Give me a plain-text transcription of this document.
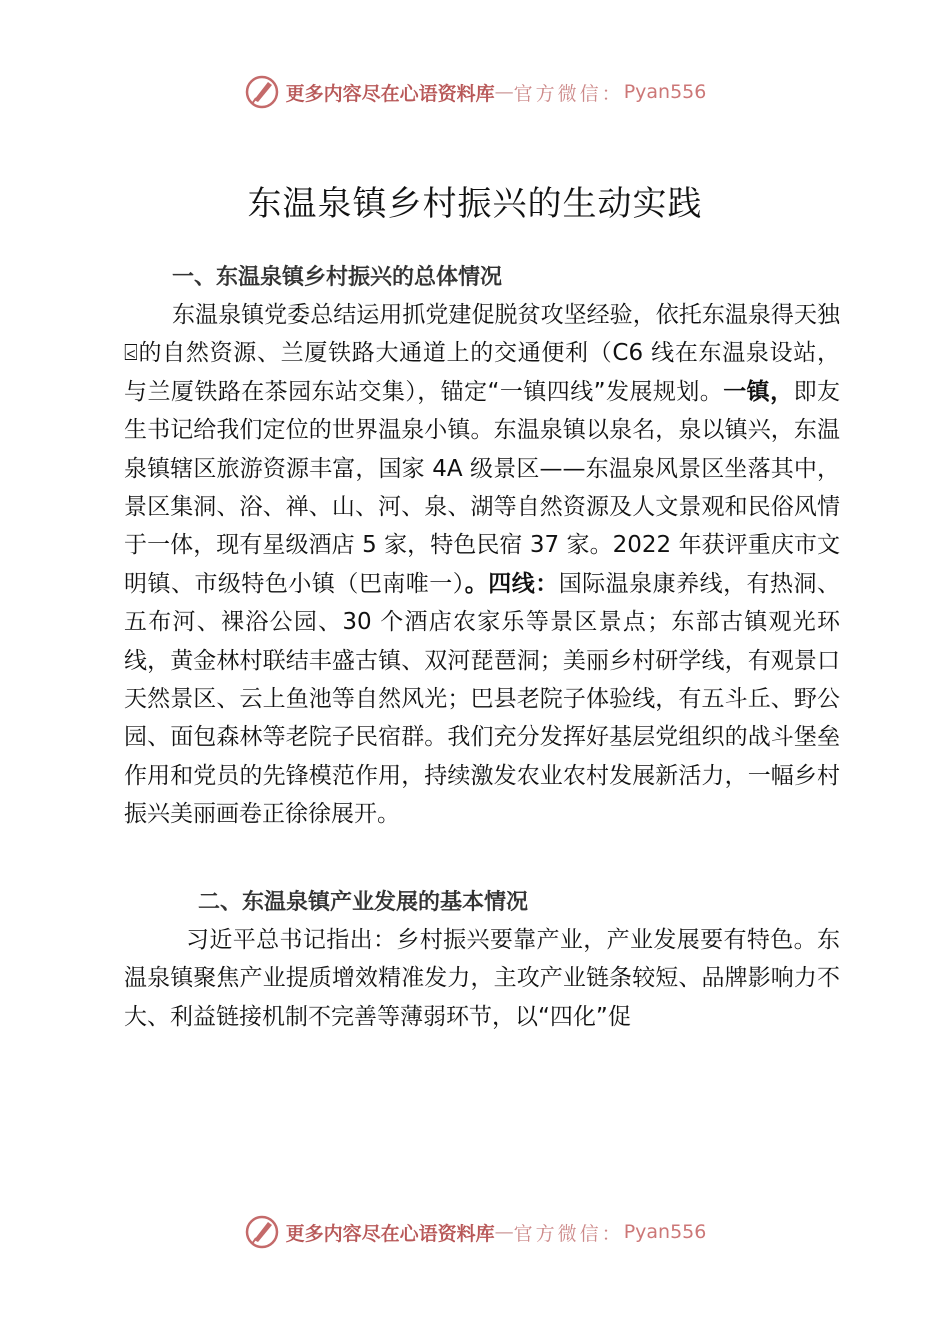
更多内容尽在心语资料库 — 官方微信： Pyan556
东温泉镇乡村振兴的生动实践
一、东温泉镇乡村振兴的总体情况

东温泉镇党委总结运用抓党建促脱贫攻坚经验，依托东温泉得天独⍃的自然资源、兰厦铁路大通道上的交通便利（C6 线在东温泉设站，与兰厦铁路在茶园东站交集），锚定“一镇四线”发展规划。一镇，即友生书记给我们定位的世界温泉小镇。东温泉镇以泉名，泉以镇兴，东温泉镇辖区旅游资源丰富，国家 4A 级景区——东温泉风景区坐落其中，景区集洞、浴、禅、山、河、泉、湖等自然资源及人文景观和民俗风情于一体，现有星级酒店 5 家，特色民宿 37 家。2022 年获评重庆市文明镇、市级特色小镇（巴南唯一）。四线：国际温泉康养线，有热洞、五布河、裸浴公园、30 个酒店农家乐等景区景点；东部古镇观光环线，黄金林村联结丰盛古镇、双河琵琶洞；美丽乡村研学线，有观景口天然景区、云上鱼池等自然风光；巴县老院子体验线，有五斗丘、野公园、面包森林等老院子民宿群。我们充分发挥好基层党组织的战斗堡垒作用和党员的先锋模范作用，持续激发农业农村发展新活力，一幅乡村振兴美丽画卷正徐徐展开。

二、东温泉镇产业发展的基本情况

习近平总书记指出：乡村振兴要靠产业，产业发展要有特色。东温泉镇聚焦产业提质增效精准发力，主攻产业链条较短、品牌影响力不大、利益链接机制不完善等薄弱环节，以“四化”促

更多内容尽在心语资料库 — 官方微信： Pyan556
